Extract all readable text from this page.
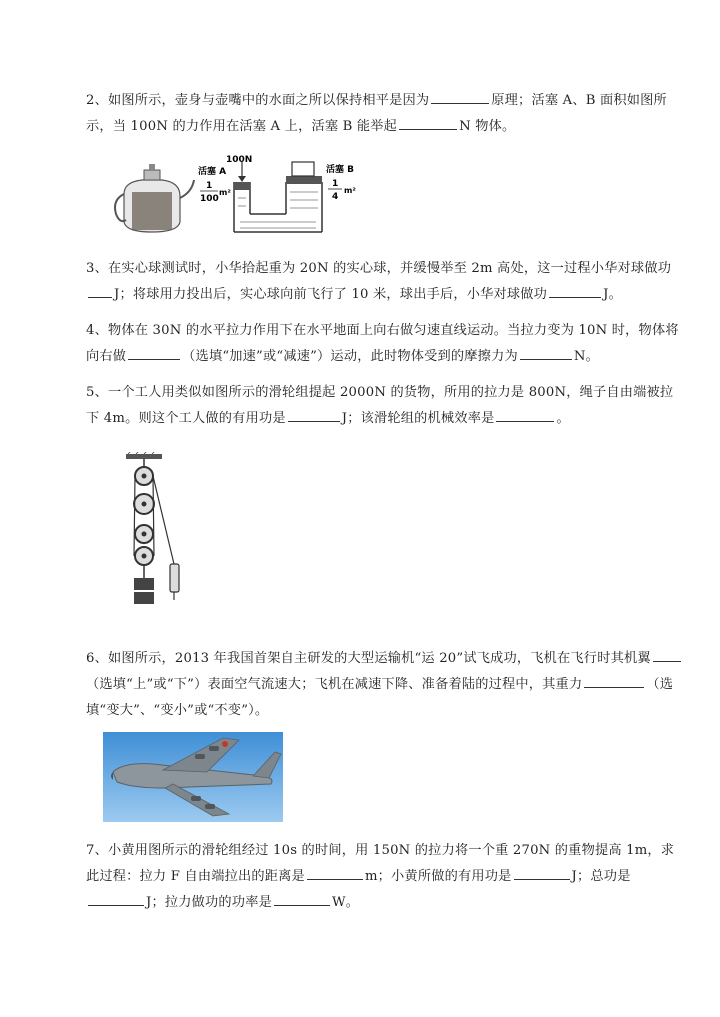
2、如图所示，壶身与壶嘴中的水面之所以保持相平是因为	原理；活塞 A、B 面积如图所示，当 100N 的力作用在活塞 A 上，活塞 B 能举起	N 物体。
活塞 A
100N
1
100
m²
活塞 B
1
4
m²
3、在实心球测试时，小华拾起重为 20N 的实心球，并缓慢举至 2m 高处，这一过程小华对球做功J；将球用力投出后，实心球向前飞行了 10 米，球出手后，小华对球做功	J。
4、物体在 30N 的水平拉力作用下在水平地面上向右做匀速直线运动。当拉力变为 10N 时，物体将向右做	（选填“加速”或“减速”）运动，此时物体受到的摩擦力为	N。
5、一个工人用类似如图所示的滑轮组提起 2000N 的货物，所用的拉力是 800N，绳子自由端被拉下 4m。则这个工人做的有用功是	J；该滑轮组的机械效率是	。
6、如图所示，2013 年我国首架自主研发的大型运输机“运 20”试飞成功，飞机在飞行时其机翼（选填“上”或“下”）表面空气流速大；飞机在减速下降、准备着陆的过程中，其重力	（选填“变大”、“变小”或“不变”）。
7、小黄用图所示的滑轮组经过 10s 的时间，用 150N 的拉力将一个重 270N 的重物提高 1m，求此过程：拉力 F 自由端拉出的距离是	m；小黄所做的有用功是	J；总功是J；拉力做功的功率是	W。
